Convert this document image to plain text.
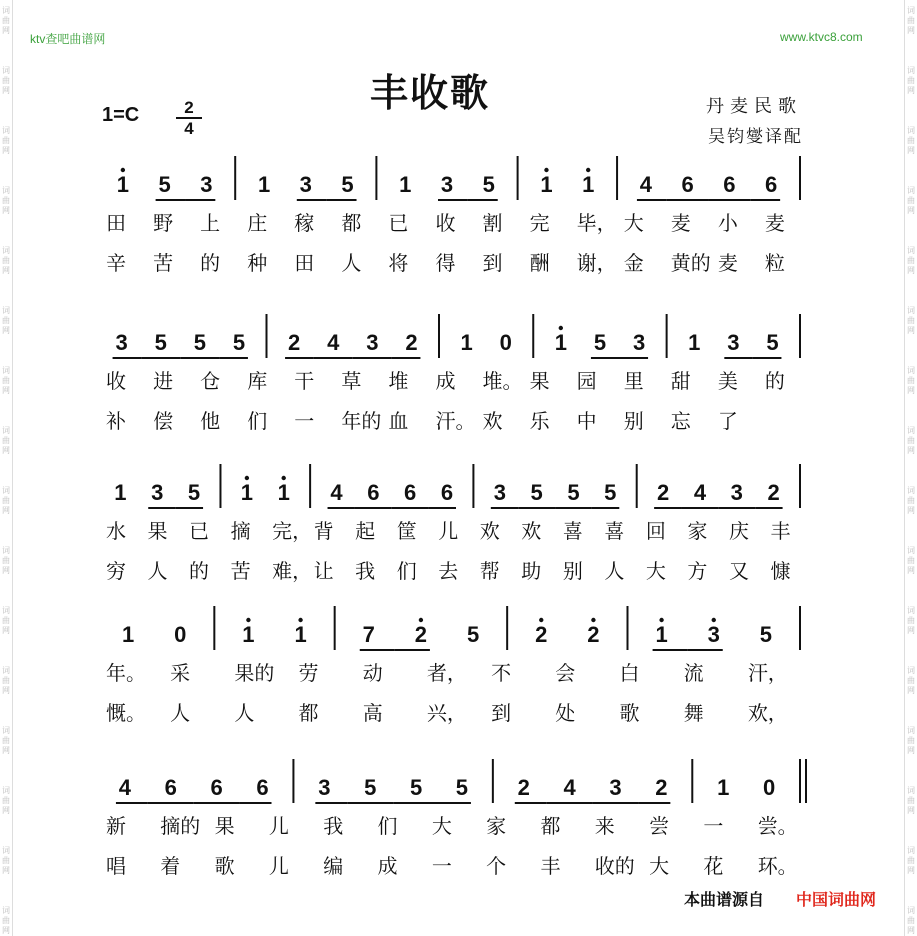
词
曲
网
词
曲
网
词
曲
网
词
曲
网
词
曲
网
词
曲
网
词
曲
网
词
曲
网
词
曲
网
词
曲
网
词
曲
网
词
曲
网
词
曲
网
词
曲
网
词
曲
网
词
曲
网
词
曲
网
词
曲
网
词
曲
网
词
曲
网
词
曲
网
词
曲
网
词
曲
网
词
曲
网
词
曲
网
词
曲
网
词
曲
网
词
曲
网
词
曲
网
词
曲
网
词
曲
网
词
曲
网
ktv查吧曲谱网	www.ktvc8.com
丰收歌
$1=C \frac{2}{4}$	丹麦民歌
吴钧燮译配
1 5 3 1 3 5 1 3 5 1 1 4 6 6 6
田 野 上 庄 稼 都 已 收 割 完 毕， 大 麦 小 麦
辛 苦 的 种 田 人 将 得 到 酬 谢， 金 黄的 麦 粒
3 5 5 5 2 4 3 2 1 0 1 5 3 1 3 5
收 进 仓 库 干 草 堆 成 堆。 果 园 里 甜 美 的
补 偿 他 们 一 年的 血 汗。 欢 乐 中 别 忘 了
1 3 5 1 1 4 6 6 6 3 5 5 5 2 4 3 2
水 果 已 摘 完， 背 起 筐 儿 欢 欢 喜 喜 回 家 庆 丰
穷 人 的 苦 难， 让 我 们 去 帮 助 别 人 大 方 又 慷
1 0	1 1	7 2 5	2 2	1 3 5
年。 采 果的 劳 动 者， 不 会 白 流 汗，
慨。 人 人 都 高 兴， 到 处 歌 舞 欢，
4 6 6 6 3 5 5 5 2 4 3 2 1 0
新 摘的 果 儿 我 们 大 家 都 来 尝 一 尝。
唱 着 歌 儿 编 成 一 个 丰 收的 大 花 环。
本曲谱源自 中国词曲网
